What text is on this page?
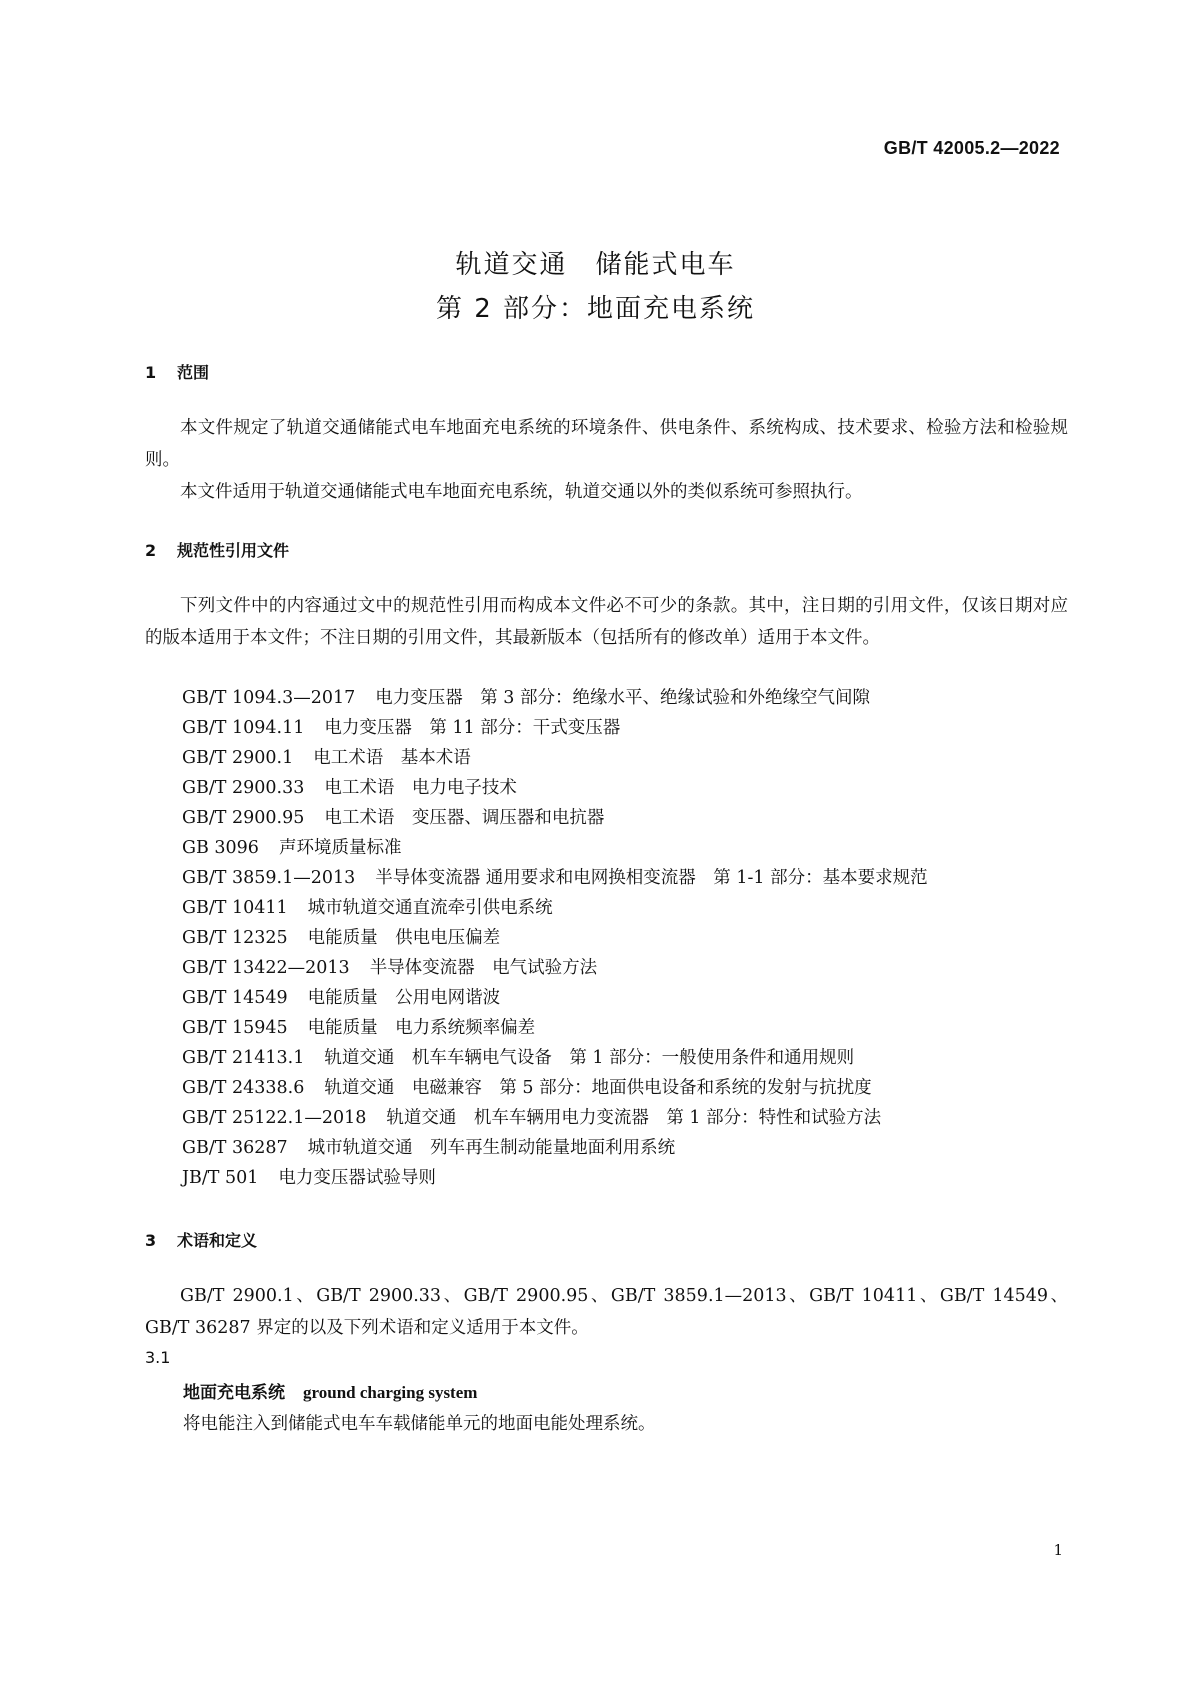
GB/T 42005.2—2022
轨道交通　储能式电车
第 2 部分：地面充电系统
1 范围
本文件规定了轨道交通储能式电车地面充电系统的环境条件、供电条件、系统构成、技术要求、检验方法和检验规则。
本文件适用于轨道交通储能式电车地面充电系统，轨道交通以外的类似系统可参照执行。
2 规范性引用文件
下列文件中的内容通过文中的规范性引用而构成本文件必不可少的条款。其中，注日期的引用文件，仅该日期对应的版本适用于本文件；不注日期的引用文件，其最新版本（包括所有的修改单）适用于本文件。
GB/T 1094.3—2017 电力变压器　第 3 部分：绝缘水平、绝缘试验和外绝缘空气间隙
GB/T 1094.11 电力变压器　第 11 部分：干式变压器
GB/T 2900.1 电工术语　基本术语
GB/T 2900.33 电工术语　电力电子技术
GB/T 2900.95 电工术语　变压器、调压器和电抗器
GB 3096 声环境质量标准
GB/T 3859.1—2013 半导体变流器 通用要求和电网换相变流器　第 1-1 部分：基本要求规范
GB/T 10411 城市轨道交通直流牵引供电系统
GB/T 12325 电能质量　供电电压偏差
GB/T 13422—2013 半导体变流器　电气试验方法
GB/T 14549 电能质量　公用电网谐波
GB/T 15945 电能质量　电力系统频率偏差
GB/T 21413.1 轨道交通　机车车辆电气设备　第 1 部分：一般使用条件和通用规则
GB/T 24338.6 轨道交通　电磁兼容　第 5 部分：地面供电设备和系统的发射与抗扰度
GB/T 25122.1—2018 轨道交通　机车车辆用电力变流器　第 1 部分：特性和试验方法
GB/T 36287 城市轨道交通　列车再生制动能量地面利用系统
JB/T 501 电力变压器试验导则
3 术语和定义
GB/T 2900.1、GB/T 2900.33、GB/T 2900.95、GB/T 3859.1—2013、GB/T 10411、GB/T 14549、GB/T 36287 界定的以及下列术语和定义适用于本文件。
3.1
地面充电系统 ground charging system
将电能注入到储能式电车车载储能单元的地面电能处理系统。
1
